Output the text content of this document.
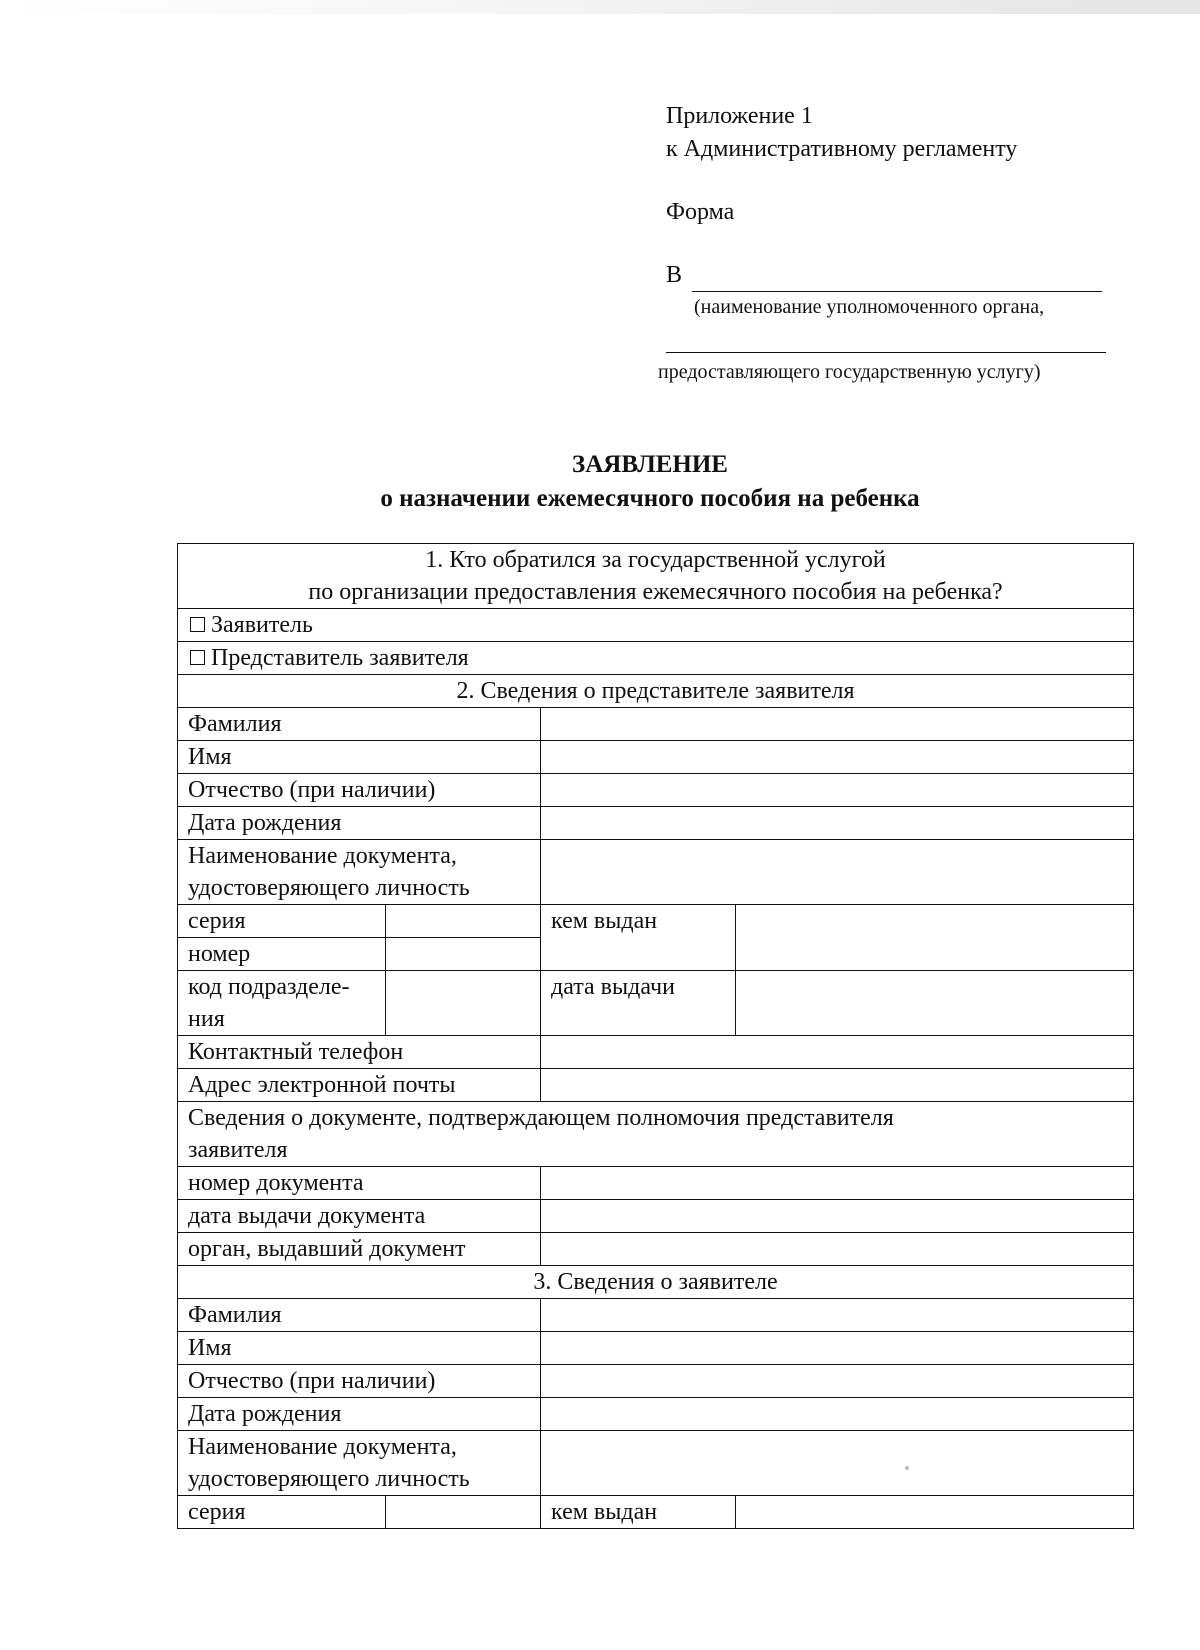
Приложение 1
к Административному регламенту
Форма
В
(наименование уполномоченного органа,
предоставляющего государственную услугу)
ЗАЯВЛЕНИЕ
о назначении ежемесячного пособия на ребенка
1. Кто обратился за государственной услугой
по организации предоставления ежемесячного пособия на ребенка?			

Заявитель			
Представитель заявителя			
2. Сведения о представителе заявителя			
Фамилия			
Имя			
Отчество (при наличии)			
Дата рождения			

Наименование документа,
удостоверяющего личность			

серия		кем выдан	
номер			

код подразделе-
ния		дата выдачи	
Контактный телефон			
Адрес электронной почты			

Сведения о документе, подтверждающем полномочия представителя
заявителя			

номер документа			
дата выдачи документа			
орган, выдавший документ			
3. Сведения о заявителе			
Фамилия			
Имя			
Отчество (при наличии)			
Дата рождения			

Наименование документа,
удостоверяющего личность			

серия		кем выдан	
